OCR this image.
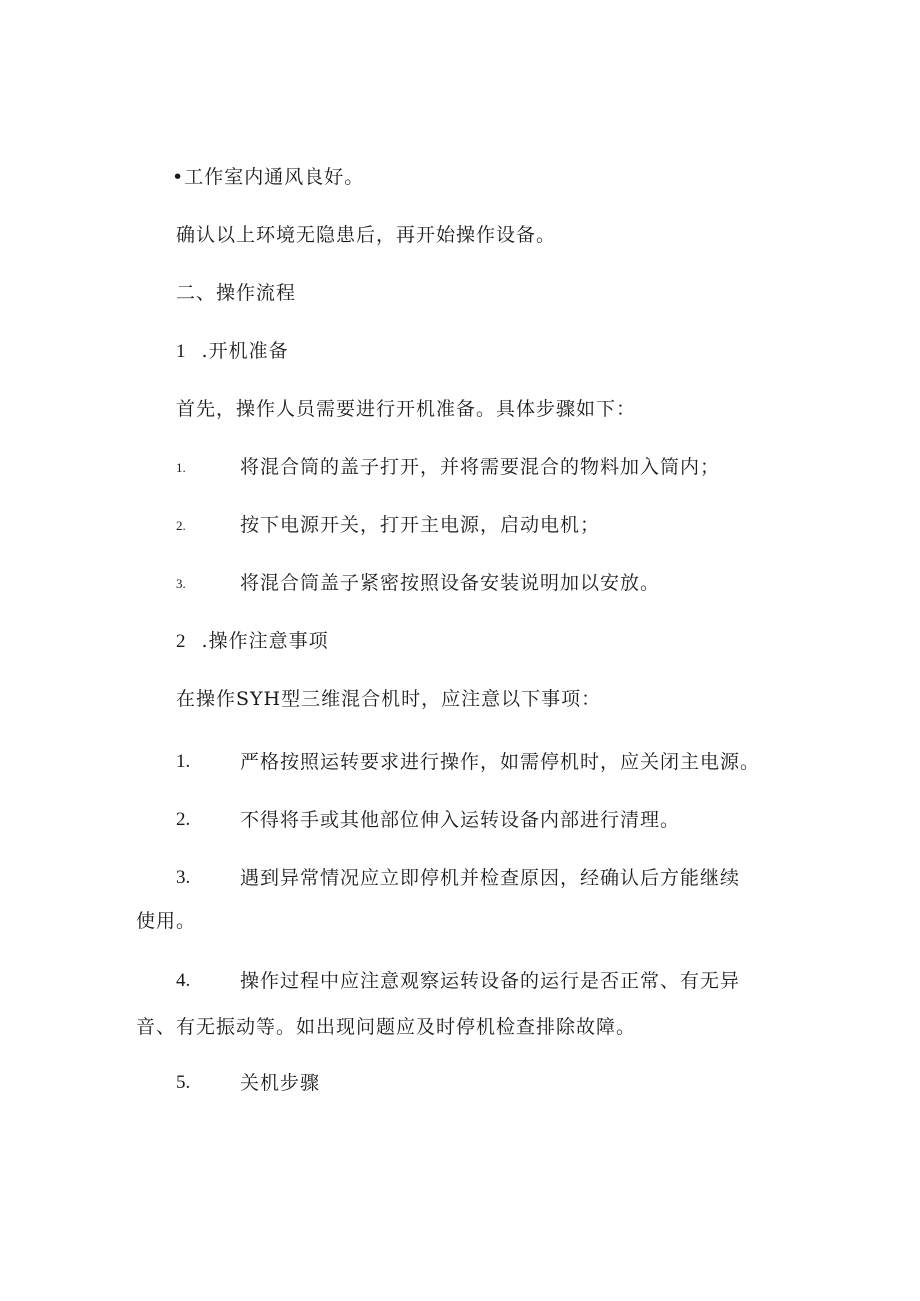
•工作室内通风良好。
确认以上环境无隐患后，再开始操作设备。
二、操作流程
1 .开机准备
首先，操作人员需要进行开机准备。具体步骤如下：
1.	将混合筒的盖子打开，并将需要混合的物料加入筒内；
2.	按下电源开关，打开主电源，启动电机；
3.	将混合筒盖子紧密按照设备安装说明加以安放。
2 .操作注意事项
在操作SYH型三维混合机时，应注意以下事项：
1.	严格按照运转要求进行操作，如需停机时，应关闭主电源。
2.	不得将手或其他部位伸入运转设备内部进行清理。
3.	遇到异常情况应立即停机并检查原因，经确认后方能继续
使用。
4.	操作过程中应注意观察运转设备的运行是否正常、有无异
音、有无振动等。如出现问题应及时停机检查排除故障。
5.	关机步骤
